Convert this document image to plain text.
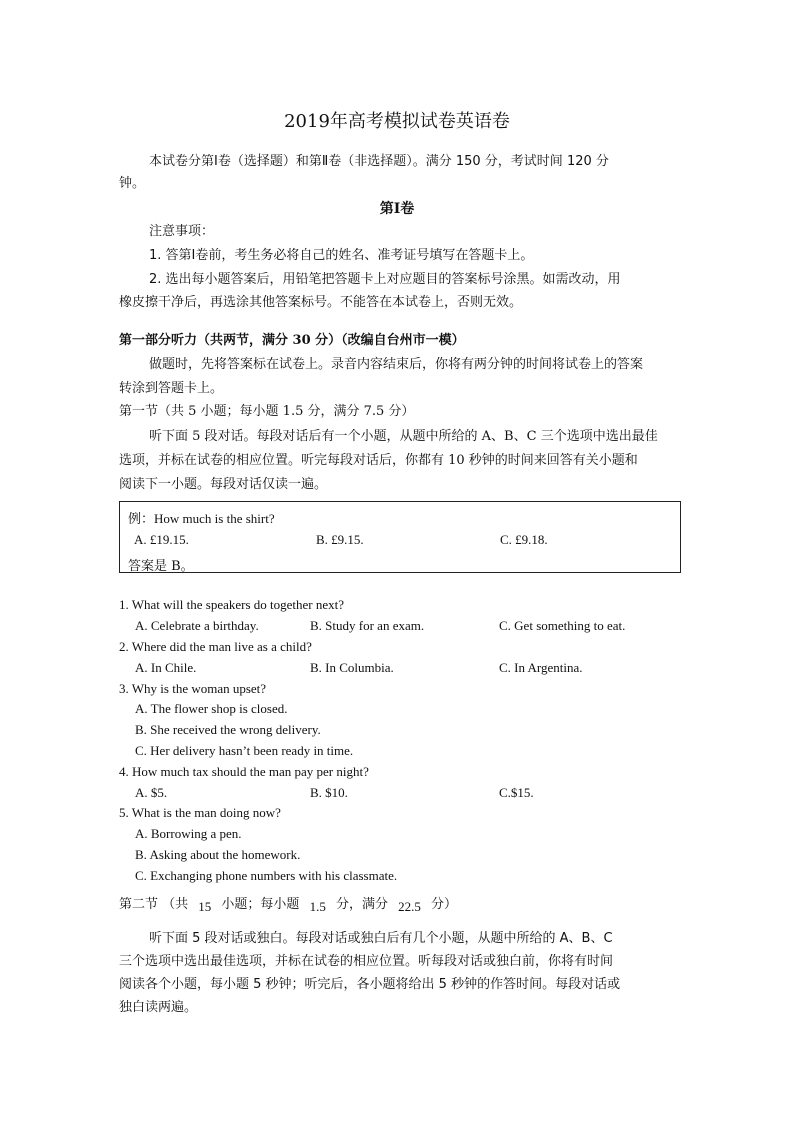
2019年高考模拟试卷英语卷
本试卷分第Ⅰ卷（选择题）和第Ⅱ卷（非选择题）。满分 150 分，考试时间 120 分
钟。
第Ⅰ卷
注意事项：
1. 答第Ⅰ卷前，考生务必将自己的姓名、准考证号填写在答题卡上。
2. 选出每小题答案后，用铅笔把答题卡上对应题目的答案标号涂黑。如需改动，用
橡皮擦干净后，再选涂其他答案标号。不能答在本试卷上，否则无效。
第一部分听力（共两节，满分 30 分）（改编自台州市一模）
做题时，先将答案标在试卷上。录音内容结束后，你将有两分钟的时间将试卷上的答案
转涂到答题卡上。
第一节（共 5 小题；每小题 1.5 分，满分 7.5 分）
听下面 5 段对话。每段对话后有一个小题，从题中所给的 A、B、C 三个选项中选出最佳
选项，并标在试卷的相应位置。听完每段对话后，你都有 10 秒钟的时间来回答有关小题和
阅读下一小题。每段对话仅读一遍。
例：How much is the shirt?
A. £19.15.	B. £9.15.	C. £9.18.
答案是 B。
1. What will the speakers do together next?
A. Celebrate a birthday.	B. Study for an exam.	C. Get something to eat.
2. Where did the man live as a child?
A. In Chile.	B. In Columbia.	C. In Argentina.
3. Why is the woman upset?
A. The flower shop is closed.
B. She received the wrong delivery.
C. Her delivery hasn’t been ready in time.
4. How much tax should the man pay per night?
A. $5.	B. $10.	C.$15.
5. What is the man doing now?
A. Borrowing a pen.
B. Asking about the homework.
C. Exchanging phone numbers with his classmate.
第二节 （共 15 小题；每小题 1.5 分，满分 22.5 分）
听下面 5 段对话或独白。每段对话或独白后有几个小题，从题中所给的 A、B、C
三个选项中选出最佳选项，并标在试卷的相应位置。听每段对话或独白前，你将有时间
阅读各个小题，每小题 5 秒钟；听完后，各小题将给出 5 秒钟的作答时间。每段对话或
独白读两遍。
